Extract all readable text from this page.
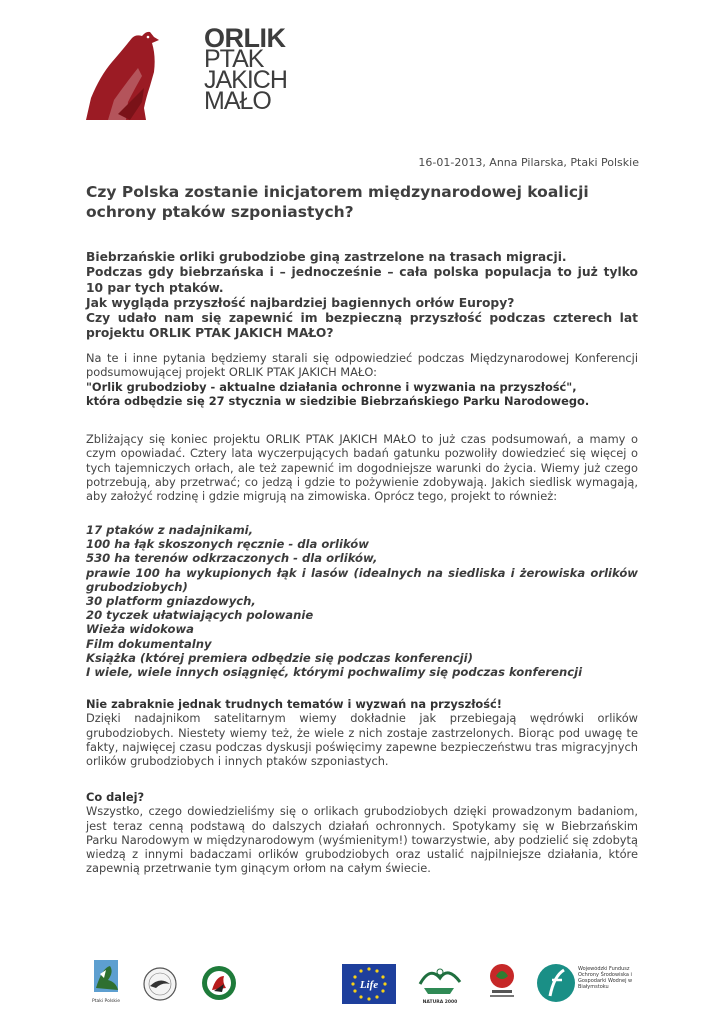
ORLIK
PTAK
JAKICH
MAŁO
16-01-2013, Anna Pilarska, Ptaki Polskie
Czy Polska zostanie inicjatorem międzynarodowej koalicji ochrony ptaków szponiastych?
Biebrzańskie orliki grubodziobe giną zastrzelone na trasach migracji.
Podczas gdy biebrzańska i – jednocześnie – cała polska populacja to już tylko 10 par tych ptaków.
Jak wygląda przyszłość najbardziej bagiennych orłów Europy?
Czy udało nam się zapewnić im bezpieczną przyszłość podczas czterech lat projektu ORLIK PTAK JAKICH MAŁO?
Na te i inne pytania będziemy starali się odpowiedzieć podczas Międzynarodowej Konferencji podsumowującej projekt ORLIK PTAK JAKICH MAŁO:
"Orlik grubodzioby - aktualne działania ochronne i wyzwania na przyszłość",
która odbędzie się 27 stycznia w siedzibie Biebrzańskiego Parku Narodowego.
Zbliżający się koniec projektu ORLIK PTAK JAKICH MAŁO to już czas podsumowań, a mamy o czym opowiadać. Cztery lata wyczerpujących badań gatunku pozwoliły dowiedzieć się więcej o tych tajemniczych orłach, ale też zapewnić im dogodniejsze warunki do życia. Wiemy już czego potrzebują, aby przetrwać; co jedzą i gdzie to pożywienie zdobywają. Jakich siedlisk wymagają, aby założyć rodzinę i gdzie migrują na zimowiska. Oprócz tego, projekt to również:
17 ptaków z nadajnikami,
100 ha łąk skoszonych ręcznie - dla orlików
530 ha terenów odkrzaczonych - dla orlików,
prawie 100 ha wykupionych łąk i lasów (idealnych na siedliska i żerowiska orlików grubodziobych)
30 platform gniazdowych,
20 tyczek ułatwiających polowanie
Wieża widokowa
Film dokumentalny
Książka (której premiera odbędzie się podczas konferencji)
I wiele, wiele innych osiągnięć, którymi pochwalimy się podczas konferencji
Nie zabraknie jednak trudnych tematów i wyzwań na przyszłość!
Dzięki nadajnikom satelitarnym wiemy dokładnie jak przebiegają wędrówki orlików grubodziobych. Niestety wiemy też, że wiele z nich zostaje zastrzelonych. Biorąc pod uwagę te fakty, najwięcej czasu podczas dyskusji poświęcimy zapewne bezpieczeństwu tras migracyjnych orlików grubodziobych i innych ptaków szponiastych.
Co dalej?
Wszystko, czego dowiedzieliśmy się o orlikach grubodziobych dzięki prowadzonym badaniom, jest teraz cenną podstawą do dalszych działań ochronnych. Spotykamy się w Biebrzańskim Parku Narodowym w międzynarodowym (wyśmienitym!) towarzystwie, aby podzielić się zdobytą wiedzą z innymi badaczami orlików grubodziobych oraz ustalić najpilniejsze działania, które zapewnią przetrwanie tym ginącym orłom na całym świecie.
Ptaki Polskie
Life
NATURA 2000
Wojewódzki Fundusz Ochrony Środowiska i Gospodarki Wodnej w Białymstoku
